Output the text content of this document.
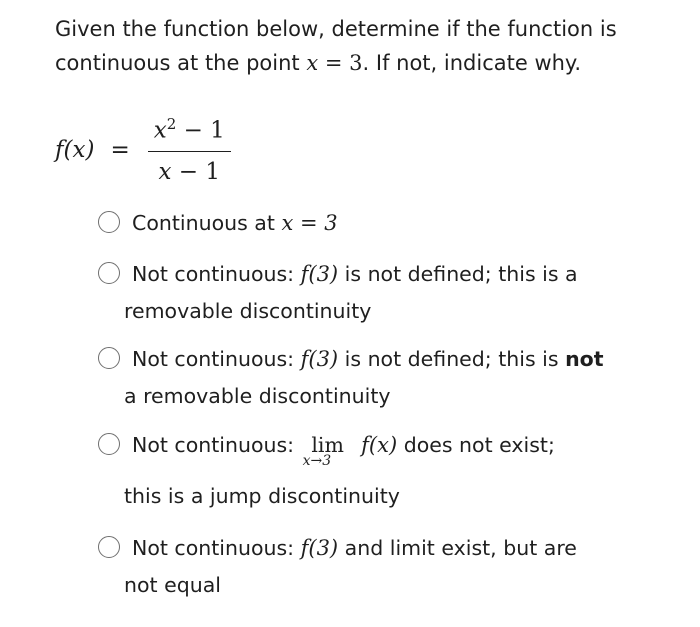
Given the function below, determine if the function is continuous at the point x = 3. If not, indicate why.

$f(x) = \frac{x^2 - 1}{x - 1}$
Continuous at x = 3
Not continuous: f(3) is not defined; this is a
removable discontinuity
Not continuous: f(3) is not defined; this is not
a removable discontinuity
Not continuous: lim
x→3
f(x) does not exist;
this is a jump discontinuity
Not continuous: f(3) and limit exist, but are
not equal
